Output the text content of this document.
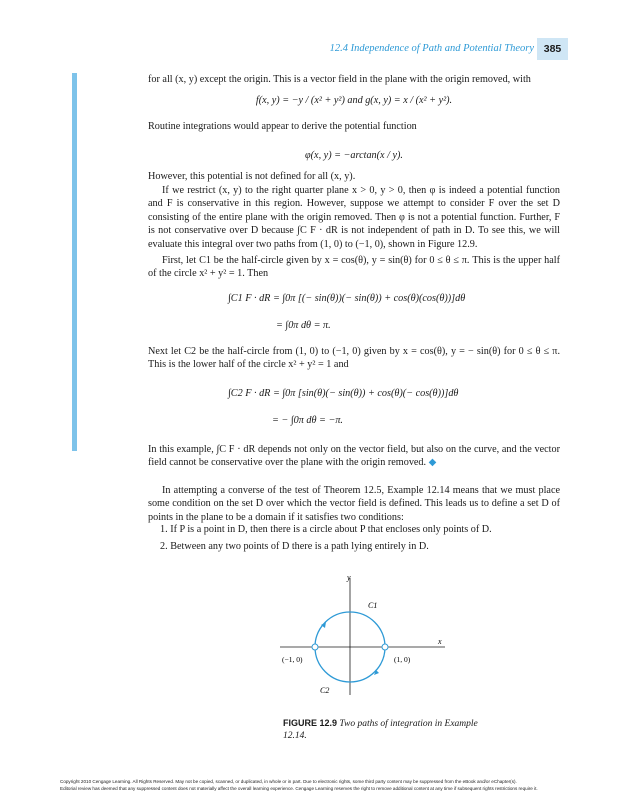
12.4 Independence of Path and Potential Theory 385

for all (x, y) except the origin. This is a vector field in the plane with the origin removed, with

f(x, y) = −y / (x² + y²) and g(x, y) = x / (x² + y²).

Routine integrations would appear to derive the potential function

φ(x, y) = −arctan(x / y).

However, this potential is not defined for all (x, y).

If we restrict (x, y) to the right quarter plane x > 0, y > 0, then φ is indeed a potential function and F is conservative in this region. However, suppose we attempt to consider F over the set D consisting of the entire plane with the origin removed. Then φ is not a potential function. Further, F is not conservative over D because ∫C F · dR is not independent of path in D. To see this, we will evaluate this integral over two paths from (1, 0) to (−1, 0), shown in Figure 12.9.

First, let C1 be the half-circle given by x = cos(θ), y = sin(θ) for 0 ≤ θ ≤ π. This is the upper half of the circle x² + y² = 1. Then

∫C1 F · dR = ∫0π [(− sin(θ))(− sin(θ)) + cos(θ)(cos(θ))]dθ
= ∫0π dθ = π.

Next let C2 be the half-circle from (1, 0) to (−1, 0) given by x = cos(θ), y = − sin(θ) for 0 ≤ θ ≤ π. This is the lower half of the circle x² + y² = 1 and

∫C2 F · dR = ∫0π [sin(θ)(− sin(θ)) + cos(θ)(− cos(θ))]dθ
= − ∫0π dθ = −π.

In this example, ∫C F · dR depends not only on the vector field, but also on the curve, and the vector field cannot be conservative over the plane with the origin removed. ◆

In attempting a converse of the test of Theorem 12.5, Example 12.14 means that we must place some condition on the set D over which the vector field is defined. This leads us to define a set D of points in the plane to be a domain if it satisfies two conditions:

1. If P is a point in D, then there is a circle about P that encloses only points of D.
2. Between any two points of D there is a path lying entirely in D.
y
x
C1
C2
(−1, 0)	(1, 0)
FIGURE 12.9 Two paths of integration in Example 12.14.
Copyright 2010 Cengage Learning. All Rights Reserved. May not be copied, scanned, or duplicated, in whole or in part. Due to electronic rights, some third party content may be suppressed from the eBook and/or eChapter(s).
Editorial review has deemed that any suppressed content does not materially affect the overall learning experience. Cengage Learning reserves the right to remove additional content at any time if subsequent rights restrictions require it.
